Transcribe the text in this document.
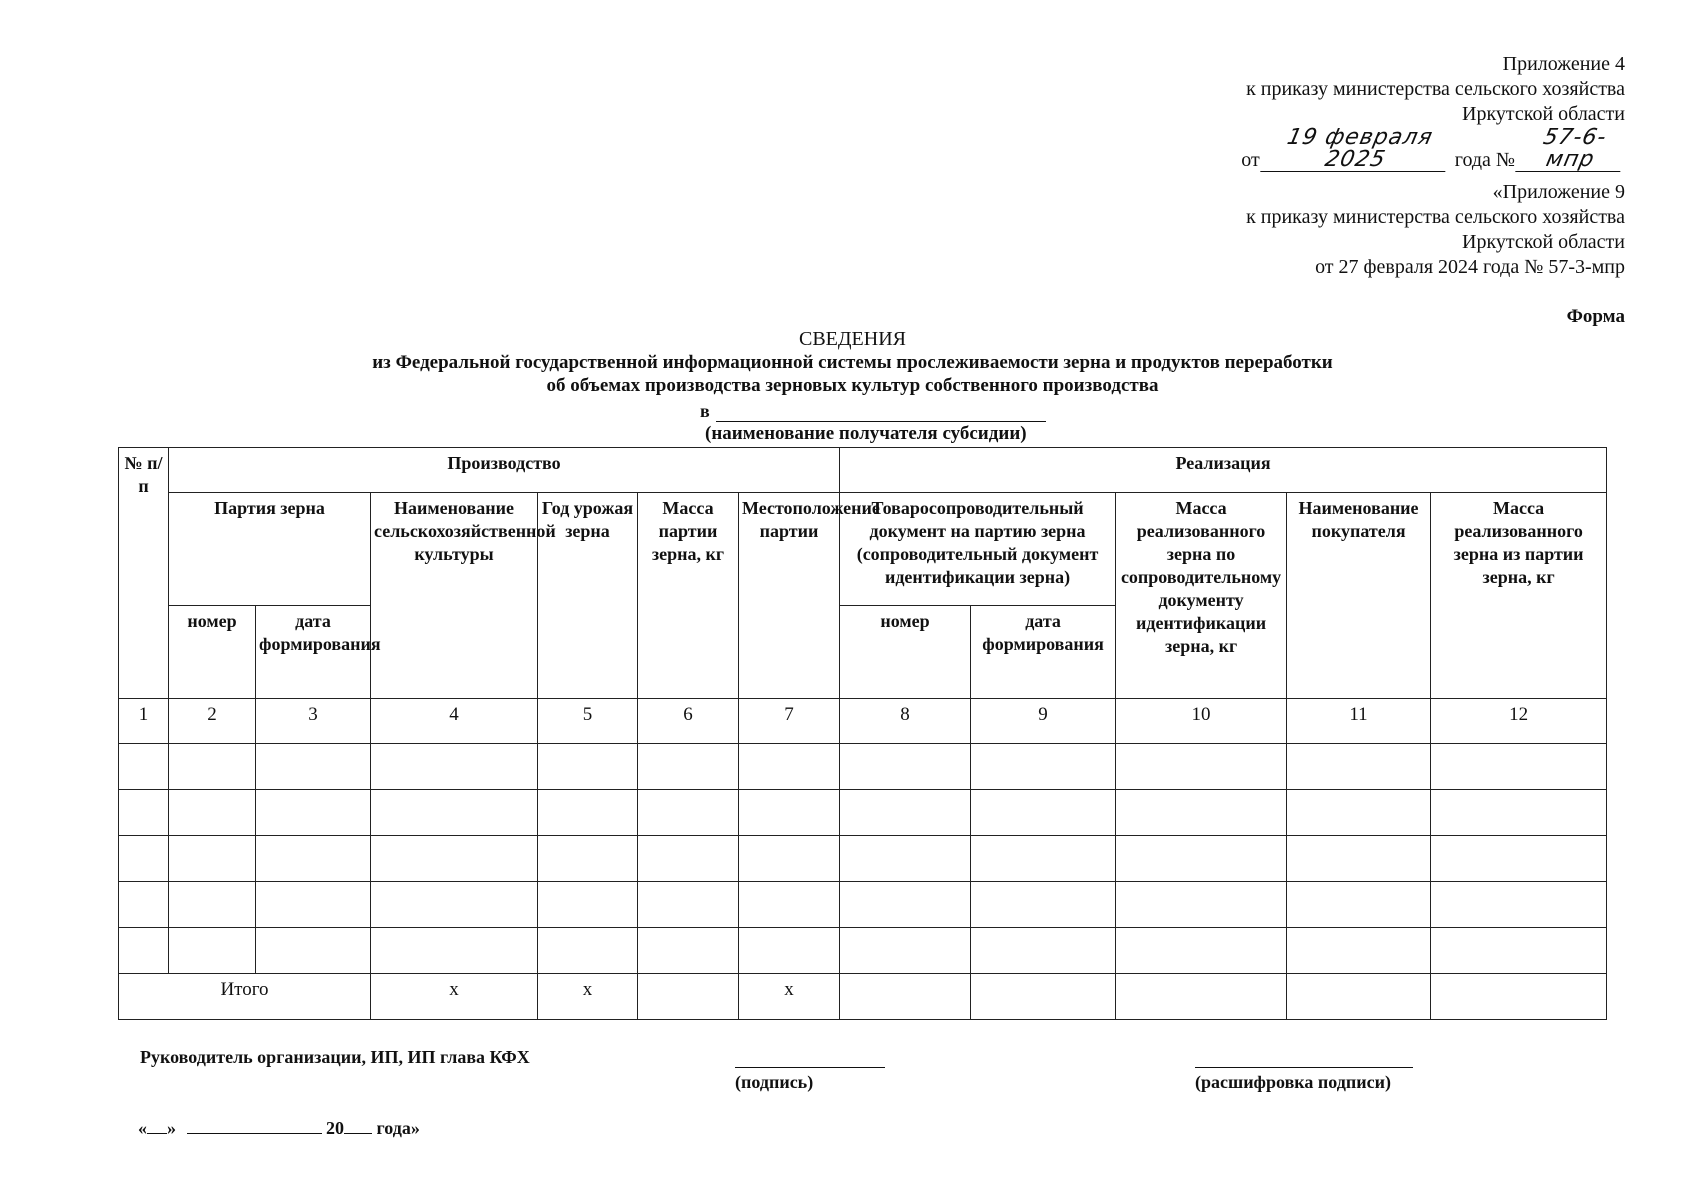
Приложение 4
к приказу министерства сельского хозяйства
Иркутской области
от 19 февраля 2025	года № 57-6-мпр
«Приложение 9
к приказу министерства сельского хозяйства
Иркутской области
от 27 февраля 2024 года № 57-3-мпр
Форма
СВЕДЕНИЯ
из Федеральной государственной информационной системы прослеживаемости зерна и продуктов переработки
об объемах производства зерновых культур собственного производства
в
(наименование получателя субсидии)
№ п/п	Производство						Реализация				
	Партия зерна		Наименование сельскохозяйственной культуры	Год урожая зерна	Масса партии зерна, кг	Местоположение партии	Товаросопроводительный документ на партию зерна (сопроводительный документ идентификации зерна)		Масса реализованного зерна по сопроводительному документу идентификации зерна, кг	Наименование покупателя	Масса реализованного зерна из партии зерна, кг
	номер	дата формирования					номер	дата формирования			
1	2	3	4	5	6	7	8	9	10	11	12

Итого			x	x		x					
Руководитель организации, ИП, ИП глава КФХ
(подпись)	(расшифровка подписи)
« »	20 года»
